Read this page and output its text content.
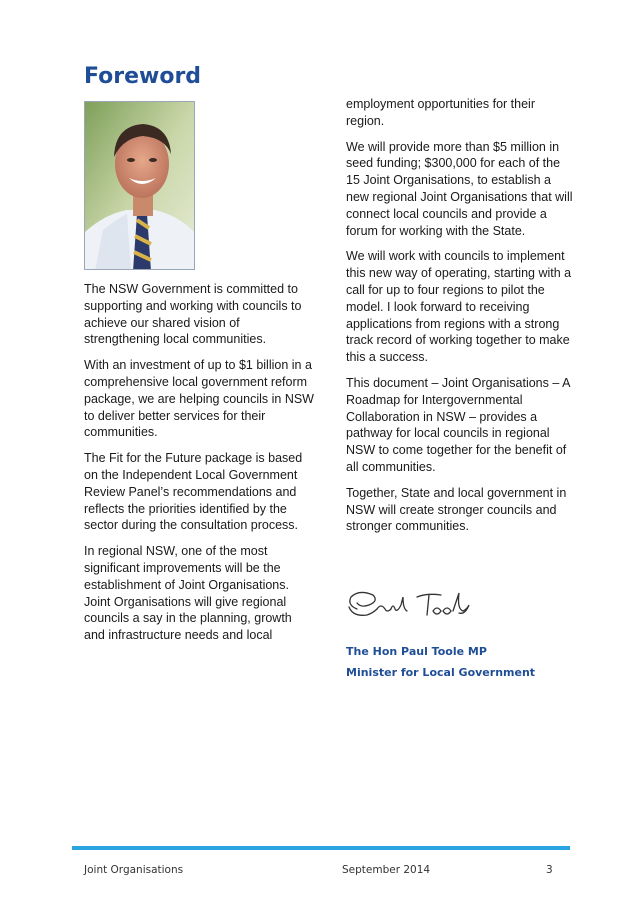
Foreword

The NSW Government is committed to supporting and working with councils to achieve our shared vision of strengthening local communities.

With an investment of up to $1 billion in a comprehensive local government reform package, we are helping councils in NSW to deliver better services for their communities.

The Fit for the Future package is based on the Independent Local Government Review Panel’s recommendations and reflects the priorities identified by the sector during the consultation process.

In regional NSW, one of the most significant improvements will be the establishment of Joint Organisations. Joint Organisations will give regional councils a say in the planning, growth and infrastructure needs and local

employment opportunities for their region.

We will provide more than $5 million in seed funding; $300,000 for each of the 15 Joint Organisations, to establish a new regional Joint Organisations that will connect local councils and provide a forum for working with the State.

We will work with councils to implement this new way of operating, starting with a call for up to four regions to pilot the model. I look forward to receiving applications from regions with a strong track record of working together to make this a success.

This document – Joint Organisations – A Roadmap for Intergovernmental Collaboration in NSW – provides a pathway for local councils in regional NSW to come together for the benefit of all communities.

Together, State and local government in NSW will create stronger councils and stronger communities.

The Hon Paul Toole MP
Minister for Local Government
Joint Organisations	September 2014	3
